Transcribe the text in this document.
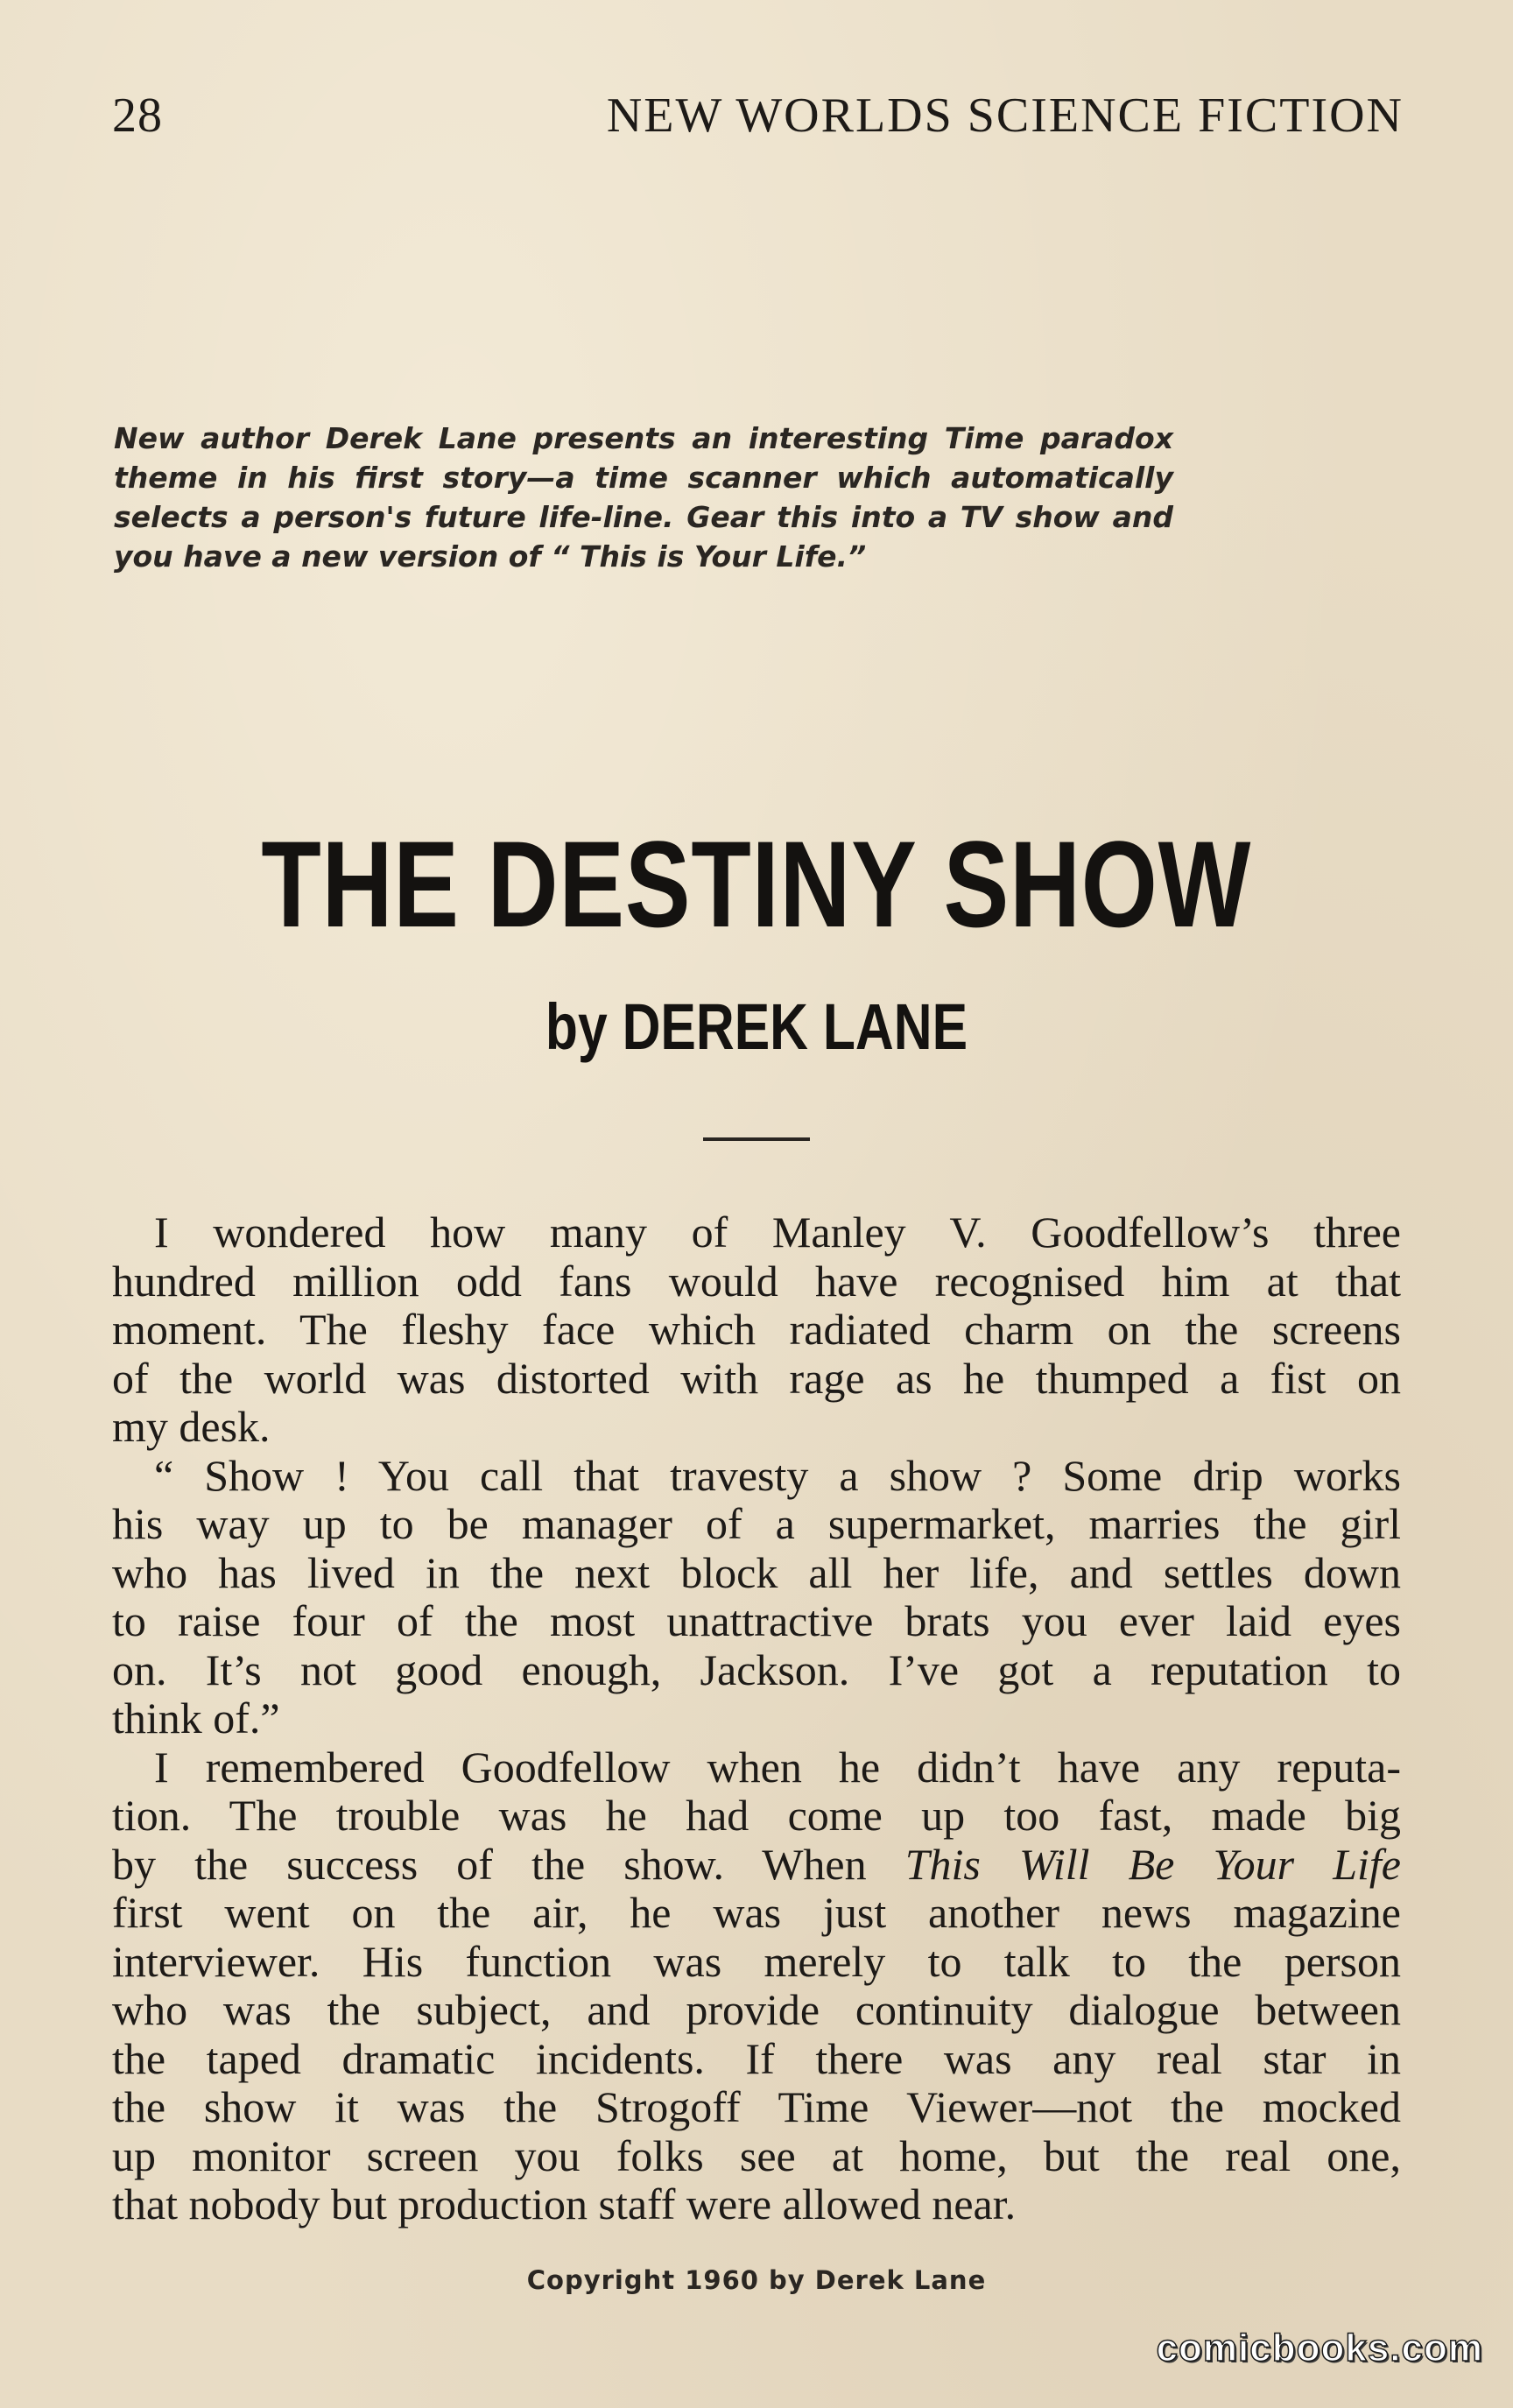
28	NEW WORLDS SCIENCE FICTION
New author Derek Lane presents an interesting Time paradox
theme in his first story—a time scanner which automatically
selects a person's future life-line. Gear this into a TV show and
you have a new version of “ This is Your Life.”
THE DESTINY SHOW
by DEREK LANE
I wondered how many of Manley V. Goodfellow’s three
hundred million odd fans would have recognised him at that
moment. The fleshy face which radiated charm on the screens
of the world was distorted with rage as he thumped a fist on
my desk.
“ Show ! You call that travesty a show ? Some drip works
his way up to be manager of a supermarket, marries the girl
who has lived in the next block all her life, and settles down
to raise four of the most unattractive brats you ever laid eyes
on. It’s not good enough, Jackson. I’ve got a reputation to
think of.”
I remembered Goodfellow when he didn’t have any reputa-
tion. The trouble was he had come up too fast, made big
by the success of the show. When This Will Be Your Life
first went on the air, he was just another news magazine
interviewer. His function was merely to talk to the person
who was the subject, and provide continuity dialogue between
the taped dramatic incidents. If there was any real star in
the show it was the Strogoff Time Viewer—not the mocked
up monitor screen you folks see at home, but the real one,
that nobody but production staff were allowed near.
Copyright 1960 by Derek Lane
comicbooks.com
